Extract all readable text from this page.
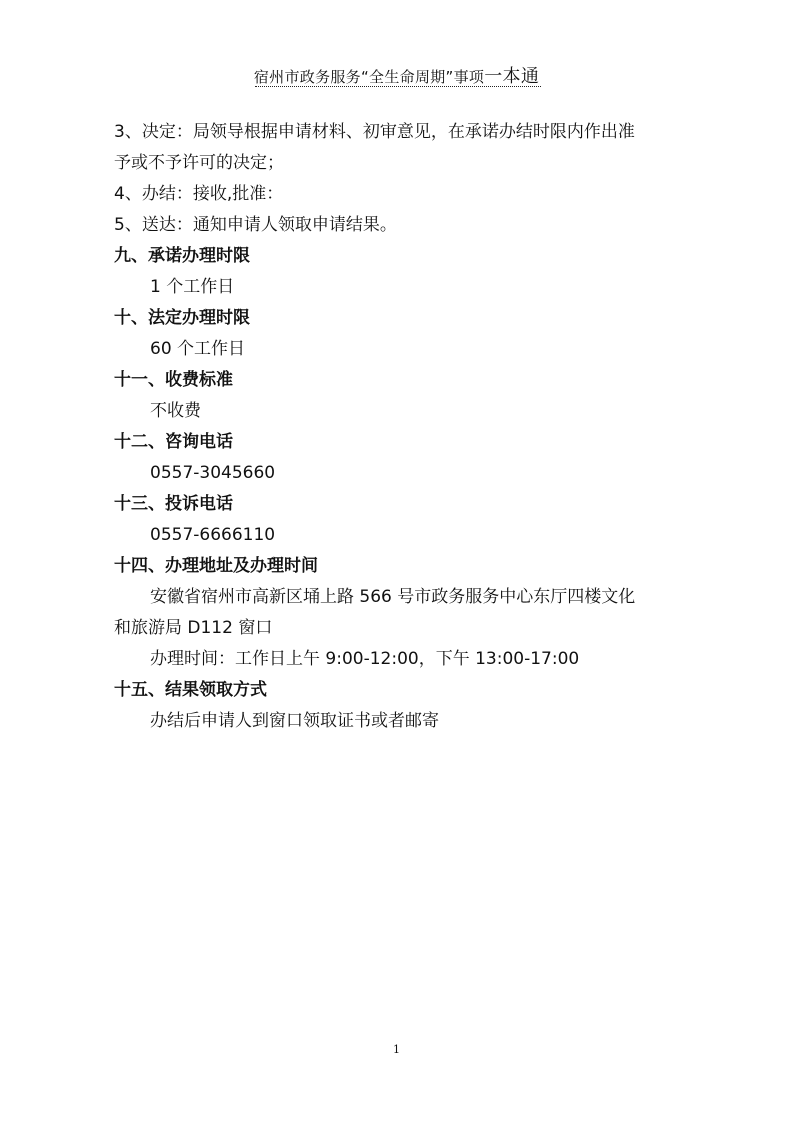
宿州市政务服务“全生命周期”事项一本通
3、决定：局领导根据申请材料、初审意见，在承诺办结时限内作出准
予或不予许可的决定；
4、办结：接收,批准：
5、送达：通知申请人领取申请结果。
九、承诺办理时限
1 个工作日
十、法定办理时限
60 个工作日
十一、收费标准
不收费
十二、咨询电话
0557-3045660
十三、投诉电话
0557-6666110
十四、办理地址及办理时间
安徽省宿州市高新区埇上路 566 号市政务服务中心东厅四楼文化
和旅游局 D112 窗口
办理时间：工作日上午 9:00-12:00，下午 13:00-17:00
十五、结果领取方式
办结后申请人到窗口领取证书或者邮寄
1
